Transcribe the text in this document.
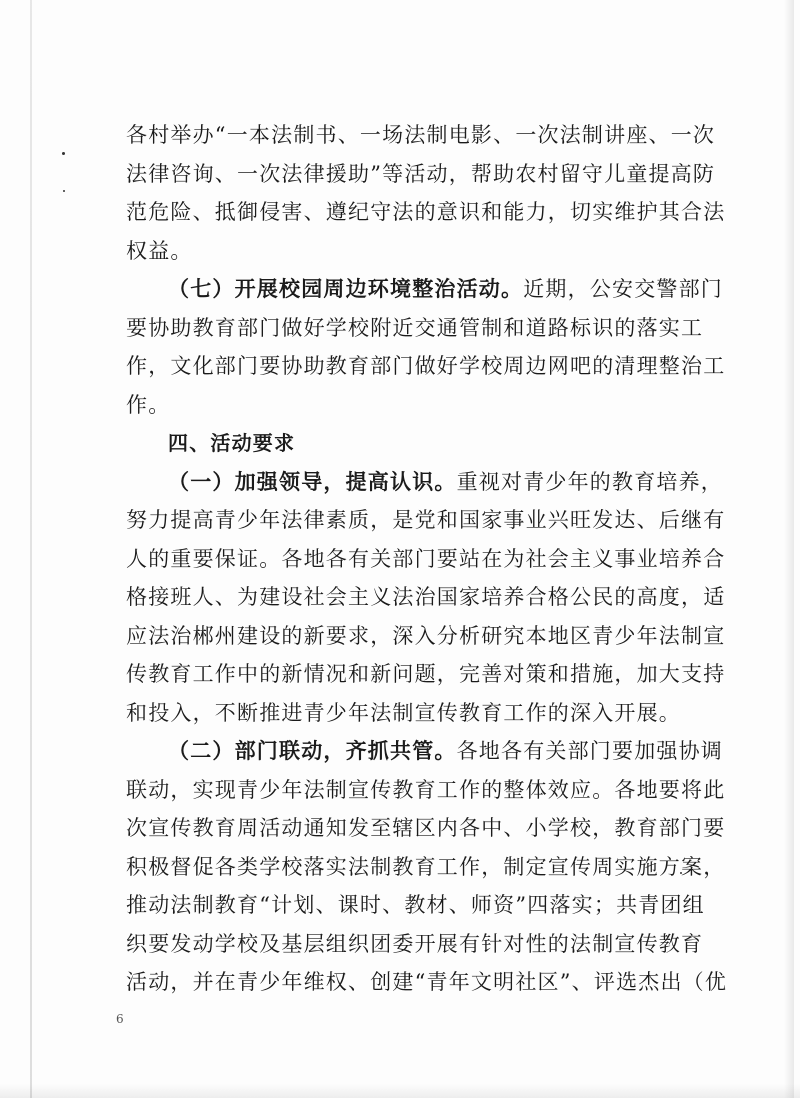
各村举办“一本法制书、一场法制电影、一次法制讲座、一次
法律咨询、一次法律援助”等活动，帮助农村留守儿童提高防
范危险、抵御侵害、遵纪守法的意识和能力，切实维护其合法
权益。
（七）开展校园周边环境整治活动。近期，公安交警部门
要协助教育部门做好学校附近交通管制和道路标识的落实工
作，文化部门要协助教育部门做好学校周边网吧的清理整治工
作。
四、活动要求
（一）加强领导，提高认识。重视对青少年的教育培养，
努力提高青少年法律素质，是党和国家事业兴旺发达、后继有
人的重要保证。各地各有关部门要站在为社会主义事业培养合
格接班人、为建设社会主义法治国家培养合格公民的高度，适
应法治郴州建设的新要求，深入分析研究本地区青少年法制宣
传教育工作中的新情况和新问题，完善对策和措施，加大支持
和投入，不断推进青少年法制宣传教育工作的深入开展。
（二）部门联动，齐抓共管。各地各有关部门要加强协调
联动，实现青少年法制宣传教育工作的整体效应。各地要将此
次宣传教育周活动通知发至辖区内各中、小学校，教育部门要
积极督促各类学校落实法制教育工作，制定宣传周实施方案，
推动法制教育“计划、课时、教材、师资”四落实；共青团组
织要发动学校及基层组织团委开展有针对性的法制宣传教育
活动，并在青少年维权、创建“青年文明社区”、评选杰出（优
6
